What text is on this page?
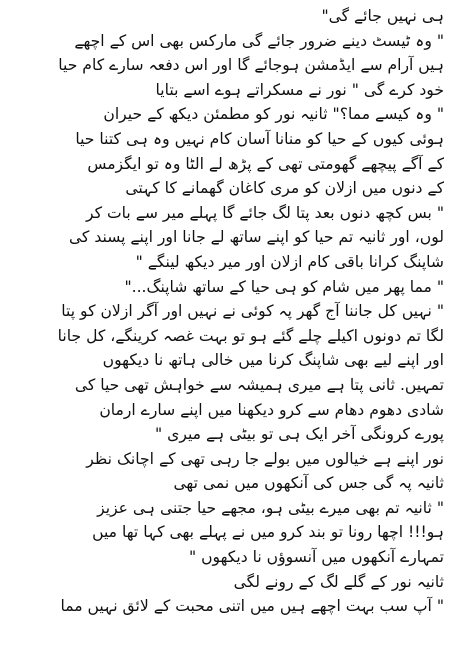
ہی نہیں جائے گی"
" وہ ٹیسٹ دینے ضرور جائے گی مارکس بھی اس کے اچھے
ہیں آرام سے ایڈمشن ہوجائے گا اور اس دفعہ سارے کام حیا
خود کرے گی " نور نے مسکراتے ہوے اسے بتایا
" وہ کیسے مما؟" ثانیہ نور کو مطمئن دیکھ کے حیران
ہوئی کیوں کے حیا کو منانا آسان کام نہیں وہ ہی کتنا حیا
کے آگے پیچھے گھومتی تھی کے پڑھ لے الٹا وہ تو ایگزمس
کے دنوں میں ازلان کو مری کاغان گھمانے کا کہتی
" بس کچھ دنوں بعد پتا لگ جائے گا پہلے میر سے بات کر
لوں، اور ثانیہ تم حیا کو اپنے ساتھ لے جانا اور اپنے پسند کی
شاپنگ کرانا باقی کام ازلان اور میر دیکھ لینگے "
" مما پھر میں شام کو ہی حیا کے ساتھ شاپنگ..."
" نہیں کل جاننا آج گھر پہ کوئی نے نہیں اور آگر ازلان کو پتا
لگا تم دونوں اکیلے چلے گئے ہو تو بہت غصہ کرینگے، کل جانا
اور اپنے لیے بھی شاپنگ کرنا میں خالی ہاتھ نا دیکھوں
تمہیں. ثانی پتا ہے میری ہمیشہ سے خواہش تھی حیا کی
شادی دھوم دھام سے کرو دیکھنا میں اپنے سارے ارمان
پورے کرونگی آخر ایک ہی تو بیٹی ہے میری "
نور اپنے ہے خیالوں میں بولے جا رہی تھی کے اچانک نظر
ثانیہ پہ گی جس کی آنکھوں میں نمی تھی
" ثانیہ تم بھی میرے بیٹی ہو، مجھے حیا جتنی ہی عزیز
ہو!!! اچھا رونا تو بند کرو میں نے پہلے بھی کہا تھا میں
تمہارے آنکھوں میں آنسوؤں نا دیکھوں "
ثانیہ نور کے گلے لگ کے رونے لگی
" آپ سب بہت اچھے ہیں میں اتنی محبت کے لائق نہیں مما
